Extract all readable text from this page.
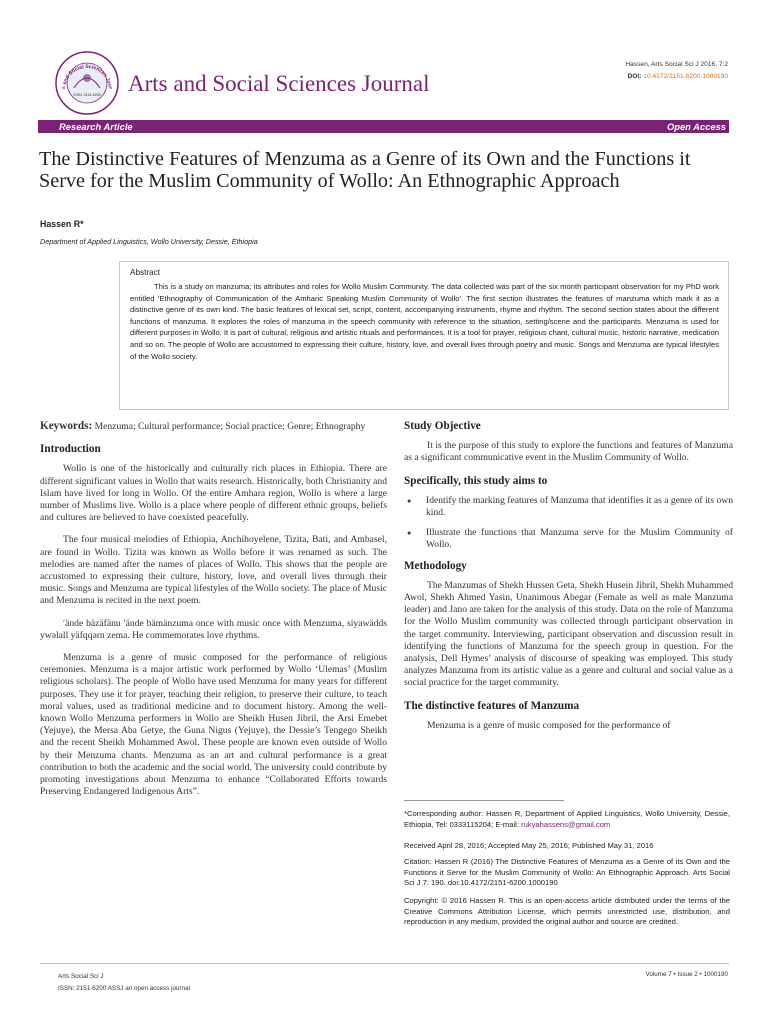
s and Social Sciences Jour
ISSN: 2151-6200 Arts and Social Sciences Journal
Hassen, Arts Social Sci J 2016, 7:2
DOI: 10.4172/2151-6200.1000190
Research Article	Open Access
The Distinctive Features of Menzuma as a Genre of its Own and the Functions it Serve for the Muslim Community of Wollo: An Ethnographic Approach
Hassen R*
Department of Applied Linguistics, Wollo University, Dessie, Ethiopia
Abstract

This is a study on manzuma; its attributes and roles for Wollo Muslim Community. The data collected was part of the six month participant observation for my PhD work entitled 'Ethnography of Communication of the Amharic Speaking Muslim Community of Wollo'. The first section illustrates the features of manzuma which mark it as a distinctive genre of its own kind. The basic features of lexical set, script, content, accompanying instruments, rhyme and rhythm. The second section states about the different functions of manzuma. It explores the roles of manzuma in the speech community with reference to the situation, setting/scene and the participants. Menzuma is used for different purposes in Wollo. It is part of cultural, religious and artistic rituals and performances. It is a tool for prayer, religious chant, cultural music, historic narrative, medication and so on. The people of Wollo are accustomed to expressing their culture, history, love, and overall lives through poetry and music. Songs and Menzuma are typical lifestyles of the Wollo society.

Keywords: Menzuma; Cultural performance; Social practice; Genre; Ethnography

Introduction

Wollo is one of the historically and culturally rich places in Ethiopia. There are different significant values in Wollo that waits research. Historically, both Christianity and Islam have lived for long in Wollo. Of the entire Amhara region, Wollo is where a large number of Muslims live. Wollo is a place where people of different ethnic groups, beliefs and cultures are believed to have coexisted peacefully.

The four musical melodies of Ethiopia, Anchihoyelene, Tizita, Bati, and Ambasel, are found in Wollo. Tizita was known as Wollo before it was renamed as such. The melodies are named after the names of places of Wollo. This shows that the people are accustomed to expressing their culture, history, love, and overall lives through their music. Songs and Menzuma are typical lifestyles of the Wollo society. The place of Music and Menzuma is recited in the next poem.

ʹände bäzäfänu ʹände bämänzuma once with music once with Menzuma, siyawädds ywəlall yäfqqərn zema. He commemorates love rhythms.

Menzuma is a genre of music composed for the performance of religious ceremonies. Menzuma is a major artistic work performed by Wollo ‘Ulemas’ (Muslim religious scholars). The people of Wollo have used Menzuma for many years for different purposes. They use it for prayer, teaching their religion, to preserve their culture, to teach moral values, used as traditional medicine and to document history. Among the well-known Wollo Menzuma performers in Wollo are Sheikh Husen Jibril, the Arsi Emebet (Yejuye), the Mersa Aba Getye, the Guna Nigus (Yejuye), the Dessie’s Tengego Sheikh and the recent Sheikh Mohammed Awol. These people are known even outside of Wollo by their Menzuma chants. Menzuma as an art and cultural performance is a great contribution to both the academic and the social world. The university could contribute by promoting investigations about Menzuma to enhance “Collaborated Efforts towards Preserving Endangered Indigenous Arts”.

Study Objective

It is the purpose of this study to explore the functions and features of Manzuma as a significant communicative event in the Muslim Community of Wollo.

Specifically, this study aims to
● Identify the marking features of Manzuma that identifies it as a genre of its own kind.
● Illustrate the functions that Manzuma serve for the Muslim Community of Wollo.
Methodology

The Manzumas of Shekh Hussen Geta, Shekh Husein Jibril, Shekh Muhammed Awol, Shekh Ahmed Yasin, Unanimous Abegar (Female as well as male Manzuma leader) and Jano are taken for the analysis of this study. Data on the role of Manzuma for the Wollo Muslim community was collected through participant observation in the target community. Interviewing, participant observation and discussion result in identifying the functions of Manzuma for the speech group in question. For the analysis, Dell Hymes’ analysis of discourse of speaking was employed. This study analyzes Manzuma from its artistic value as a genre and cultural and social value as a social practice for the target community.

The distinctive features of Manzuma

Menzuma is a genre of music composed for the performance of

*Corresponding author: Hassen R, Department of Applied Linguistics, Wollo University, Dessie, Ethiopia, Tel: 0333115204; E-mail: rukyahassens@gmail.com
Received April 28, 2016; Accepted May 25, 2016; Published May 31, 2016
Citation: Hassen R (2016) The Distinctive Features of Menzuma as a Genre of its Own and the Functions it Serve for the Muslim Community of Wollo: An Ethnographic Approach. Arts Social Sci J 7: 190. doi:10.4172/2151-6200.1000190
Copyright: © 2016 Hassen R. This is an open-access article distributed under the terms of the Creative Commons Attribution License, which permits unrestricted use, distribution, and reproduction in any medium, provided the original author and source are credited.
Arts Social Sci J
ISSN: 2151-6200 ASSJ an open access journal
Volume 7 • Issue 2 • 1000190
